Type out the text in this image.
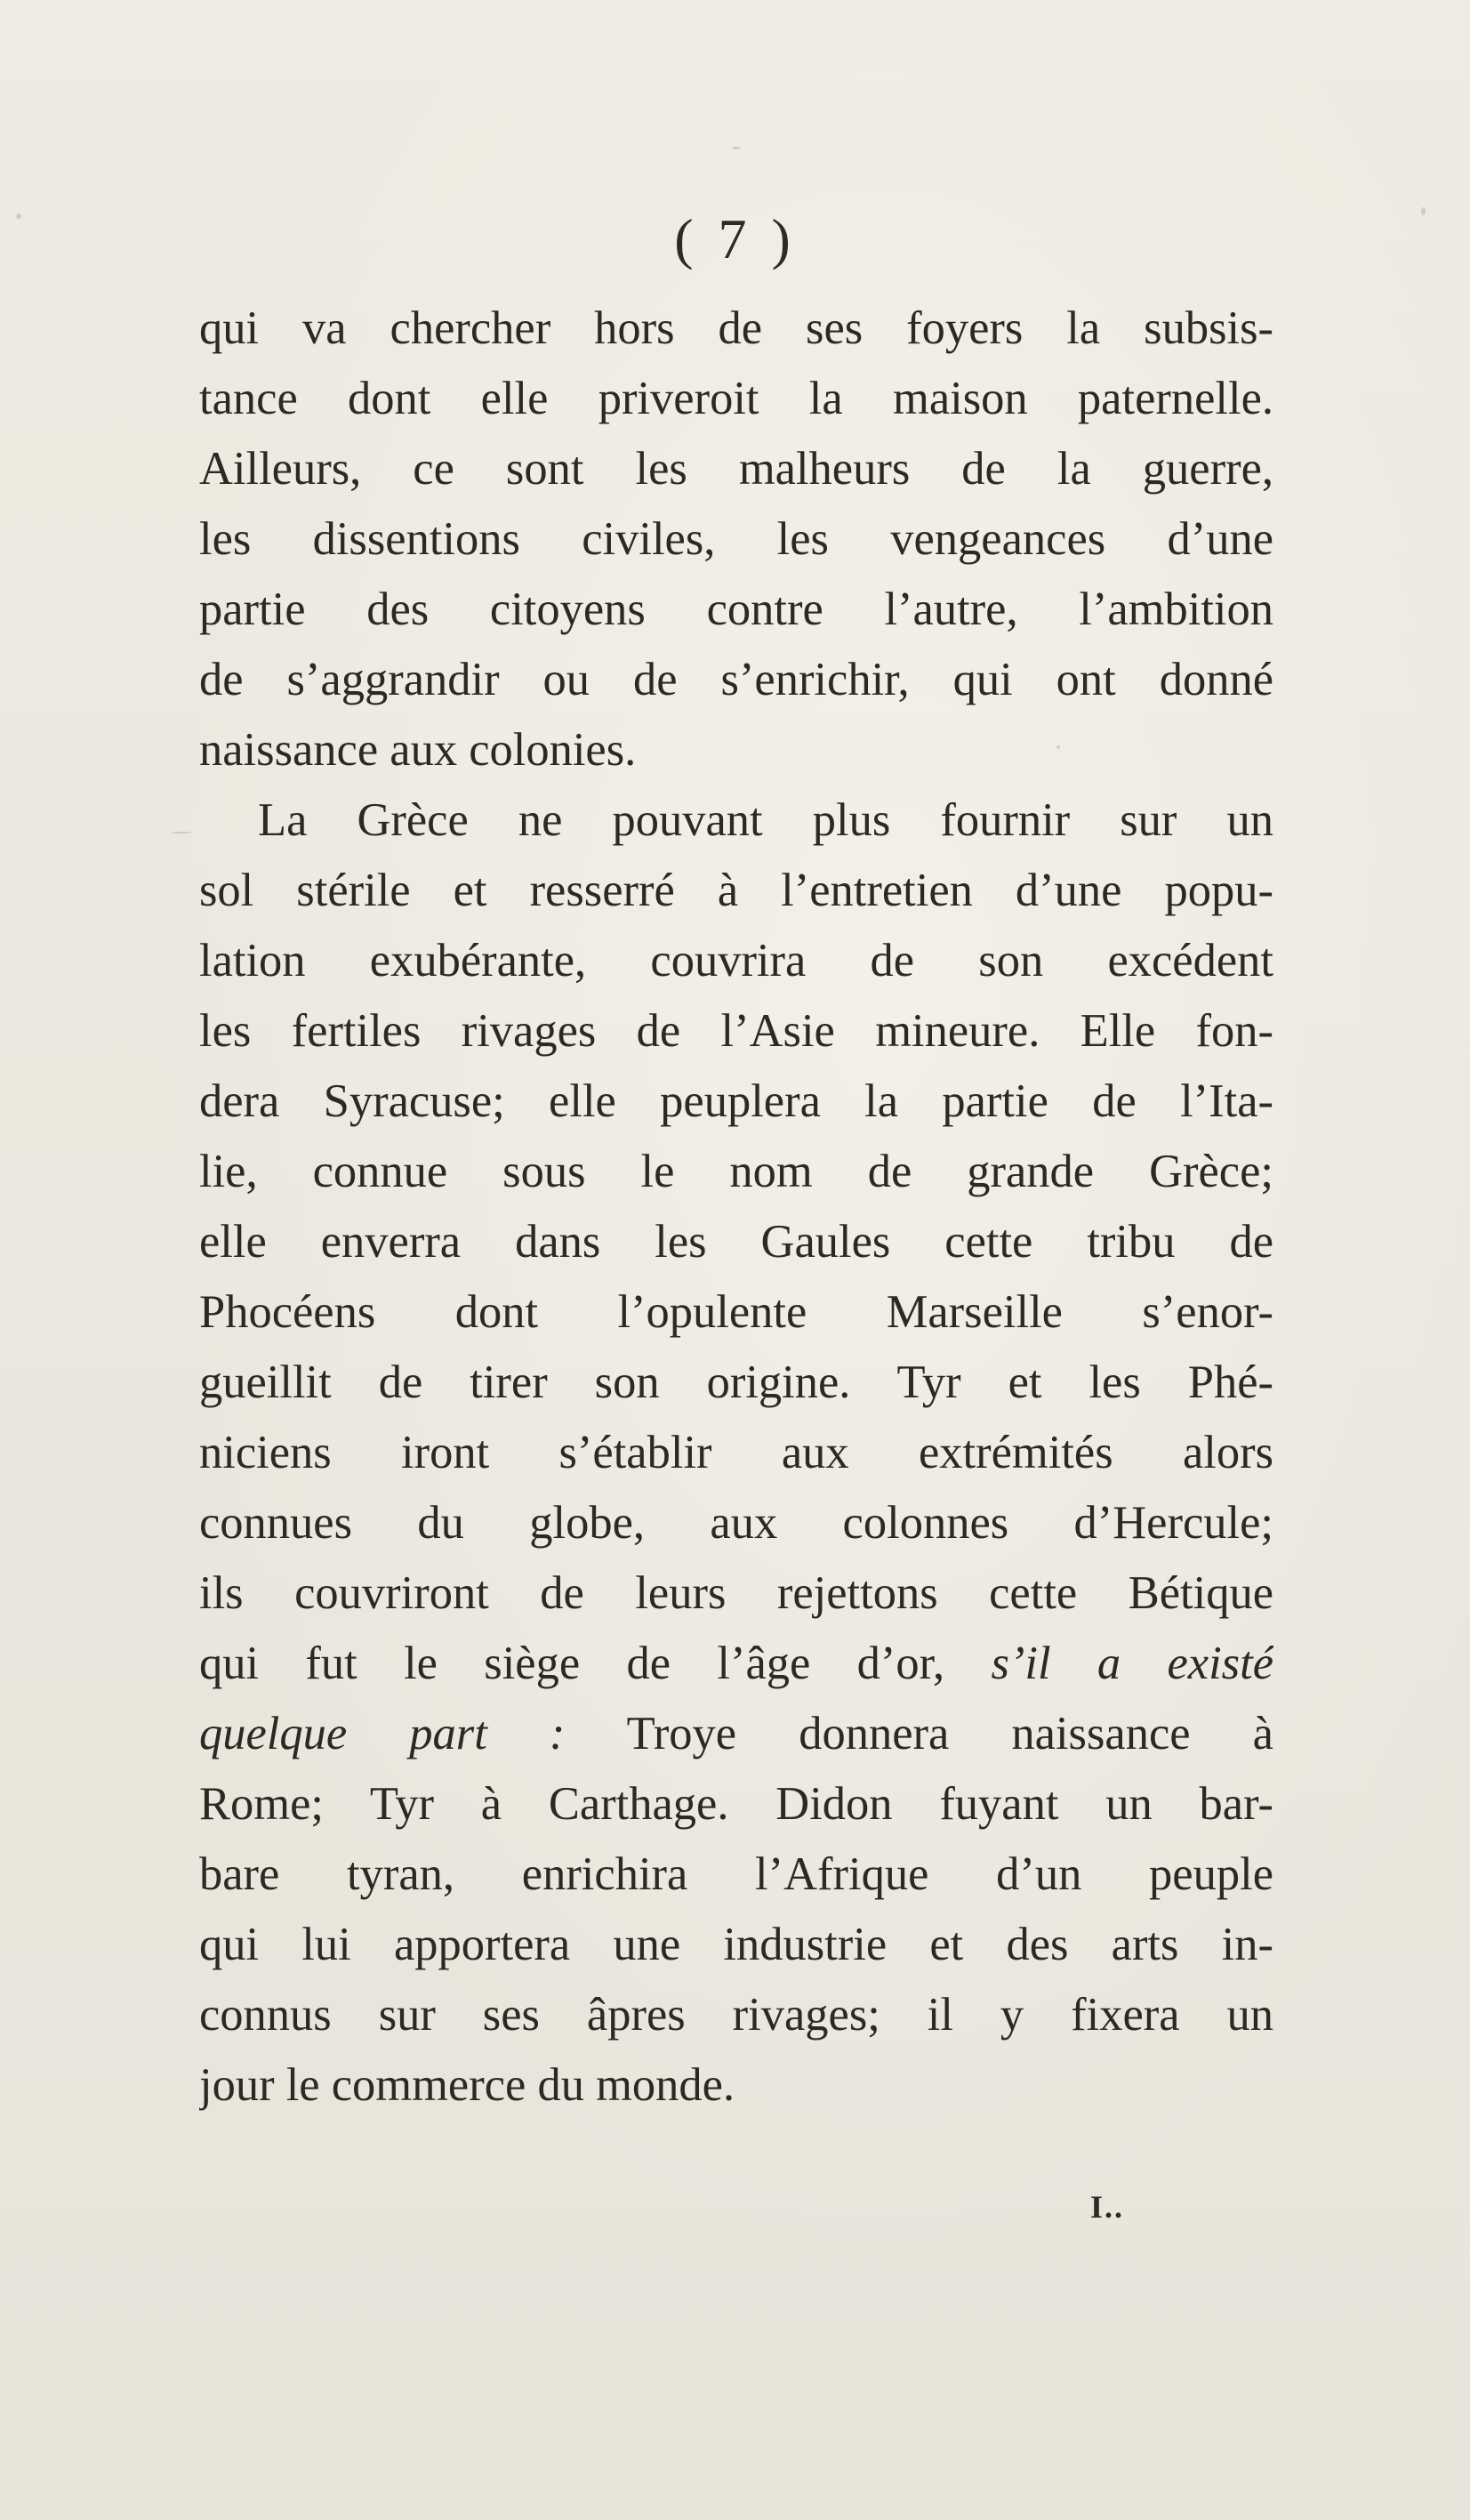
( 7 )
qui va chercher hors de ses foyers la subsis-
tance dont elle priveroit la maison paternelle.
Ailleurs, ce sont les malheurs de la guerre,
les dissentions civiles, les vengeances d’une
partie des citoyens contre l’autre, l’ambition
de s’aggrandir ou de s’enrichir, qui ont donné
naissance aux colonies.
La Grèce ne pouvant plus fournir sur un
sol stérile et resserré à l’entretien d’une popu-
lation exubérante, couvrira de son excédent
les fertiles rivages de l’Asie mineure. Elle fon-
dera Syracuse; elle peuplera la partie de l’Ita-
lie, connue sous le nom de grande Grèce;
elle enverra dans les Gaules cette tribu de
Phocéens dont l’opulente Marseille s’enor-
gueillit de tirer son origine. Tyr et les Phé-
niciens iront s’établir aux extrémités alors
connues du globe, aux colonnes d’Hercule;
ils couvriront de leurs rejettons cette Bétique
qui fut le siège de l’âge d’or, s’il a existé
quelque part : Troye donnera naissance à
Rome; Tyr à Carthage. Didon fuyant un bar-
bare tyran, enrichira l’Afrique d’un peuple
qui lui apportera une industrie et des arts in-
connus sur ses âpres rivages; il y fixera un
jour le commerce du monde.
I..
